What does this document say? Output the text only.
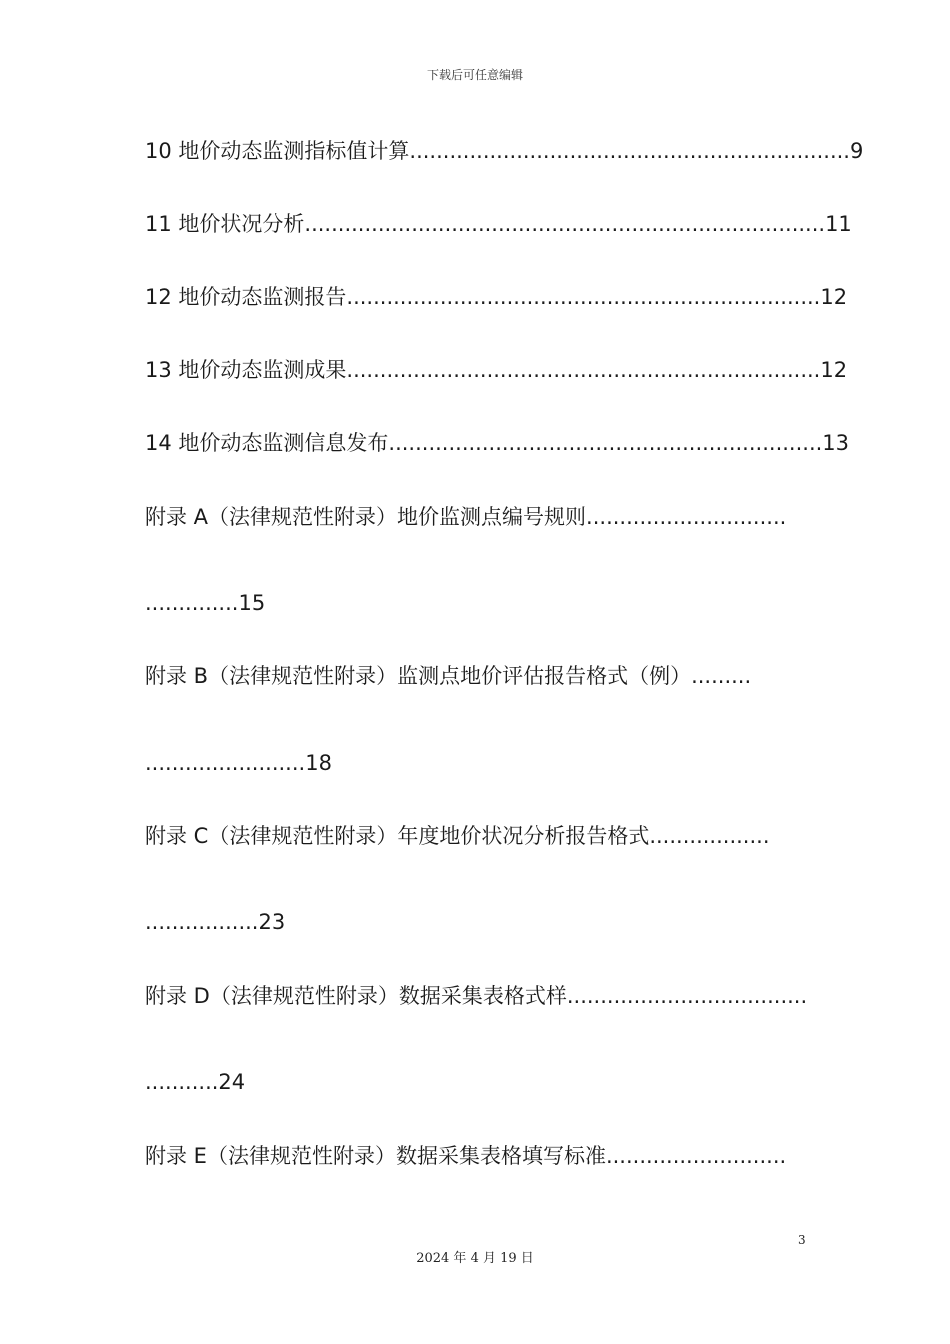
下载后可任意编辑
10 地价动态监测指标值计算..................................................................9
11 地价状况分析..............................................................................11
12 地价动态监测报告.......................................................................12
13 地价动态监测成果.......................................................................12
14 地价动态监测信息发布.................................................................13
附录 A（法律规范性附录）地价监测点编号规则..............................
..............15
附录 B（法律规范性附录）监测点地价评估报告格式（例）.........
........................18
附录 C（法律规范性附录）年度地价状况分析报告格式..................
.................23
附录 D（法律规范性附录）数据采集表格式样....................................
...........24
附录 E（法律规范性附录）数据采集表格填写标准...........................
3
2024 年 4 月 19 日
